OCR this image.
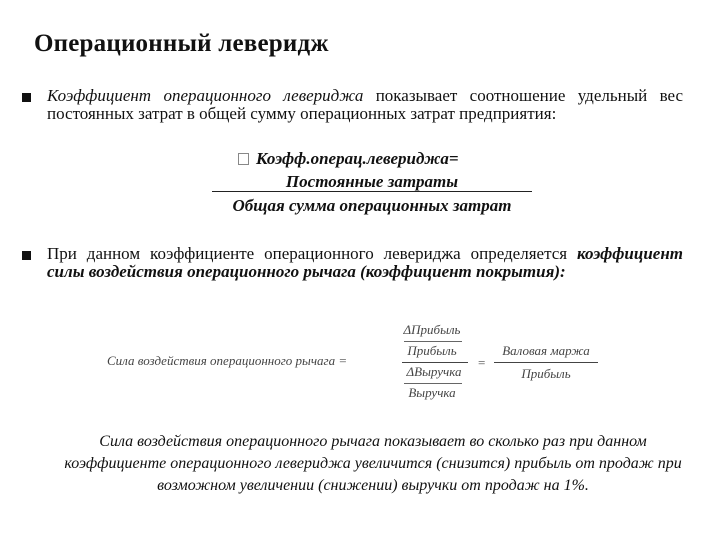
Операционный леверидж
Коэффициент операционного левериджа показывает соотношение удельный вес постоянных затрат в общей сумму операционных затрат предприятия:
Коэфф.операц.левериджа=
Постоянные затраты
Общая сумма операционных затрат
При данном коэффициенте операционного левериджа определяется коэффициент силы воздействия операционного рычага (коэффициент покрытия):
Сила воздействия операционного рычага =
ΔПрибыль
Прибыль
ΔВыручка
Выручка
=
Валовая маржа
Прибыль
Сила воздействия операционного рычага показывает во сколько раз при данном коэффициенте операционного левериджа увеличится (снизится) прибыль от продаж при возможном увеличении (снижении) выручки от продаж на 1%.
